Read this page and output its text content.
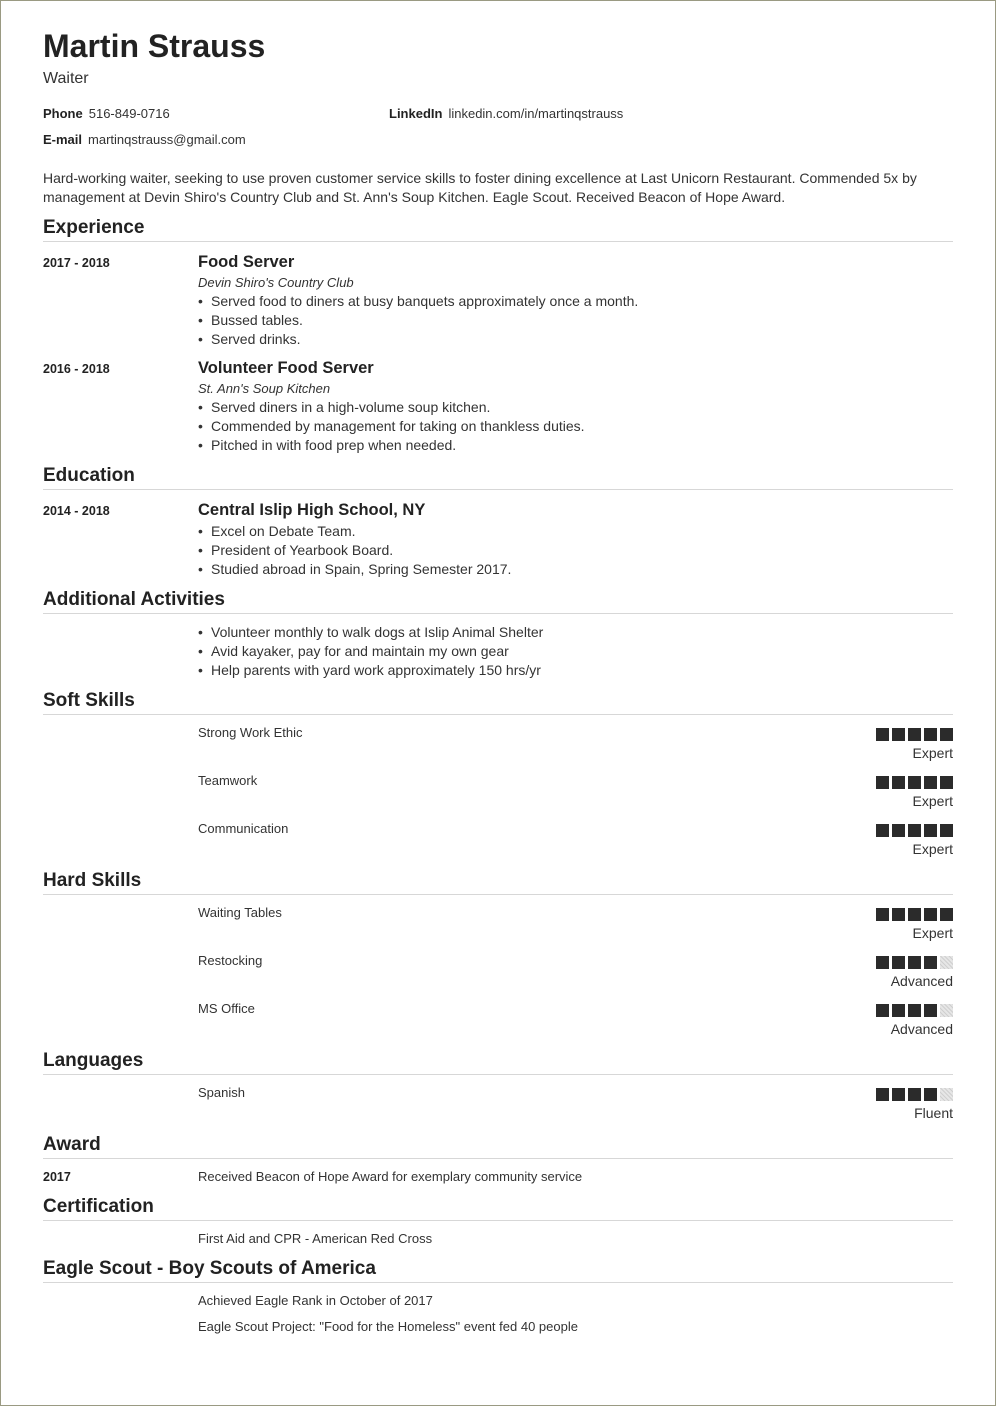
Martin Strauss
Waiter
Phone 516-849-0716	LinkedIn linkedin.com/in/martinqstrauss
E-mail martinqstrauss@gmail.com
Hard-working waiter, seeking to use proven customer service skills to foster dining excellence at Last Unicorn Restaurant. Commended 5x by management at Devin Shiro's Country Club and St. Ann's Soup Kitchen. Eagle Scout. Received Beacon of Hope Award.
Experience
2017 - 2018	Food Server
Devin Shiro's Country Club
• Served food to diners at busy banquets approximately once a month.
• Bussed tables.
• Served drinks.
2016 - 2018	Volunteer Food Server
St. Ann's Soup Kitchen
• Served diners in a high-volume soup kitchen.
• Commended by management for taking on thankless duties.
• Pitched in with food prep when needed.
Education
2014 - 2018	Central Islip High School, NY
• Excel on Debate Team.
• President of Yearbook Board.
• Studied abroad in Spain, Spring Semester 2017.
Additional Activities
• Volunteer monthly to walk dogs at Islip Animal Shelter
• Avid kayaker, pay for and maintain my own gear
• Help parents with yard work approximately 150 hrs/yr
Soft Skills
Strong Work Ethic
Expert
Teamwork
Expert
Communication
Expert
Hard Skills
Waiting Tables
Expert
Restocking
Advanced
MS Office
Advanced
Languages
Spanish
Fluent
Award
2017	Received Beacon of Hope Award for exemplary community service
Certification
First Aid and CPR - American Red Cross
Eagle Scout - Boy Scouts of America
Achieved Eagle Rank in October of 2017
Eagle Scout Project: "Food for the Homeless" event fed 40 people
